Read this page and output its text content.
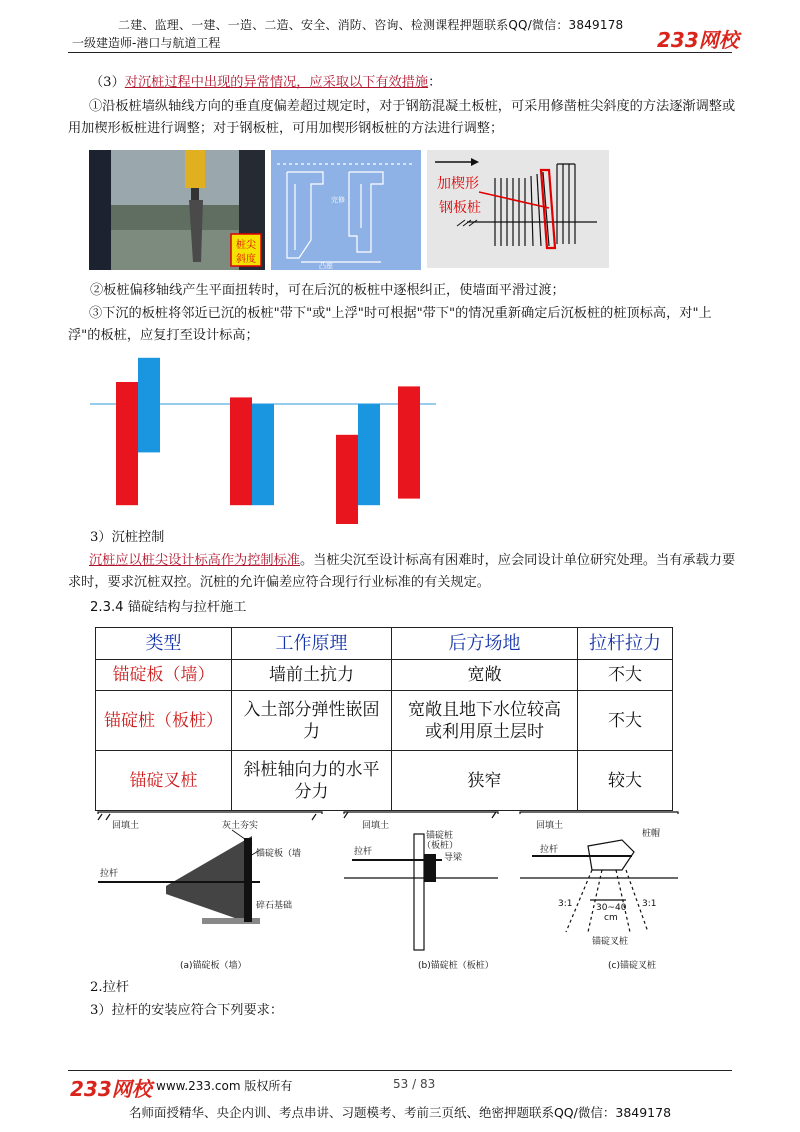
二建、监理、一建、一造、二造、安全、消防、咨询、检测课程押题联系QQ/微信：3849178
一级建造师-港口与航道工程	233网校
（3）对沉桩过程中出现的异常情况，应采取以下有效措施：
①沿板桩墙纵轴线方向的垂直度偏差超过规定时，对于钢筋混凝土板桩，可采用修凿桩尖斜度的方法逐渐调整或用加楔形板桩进行调整；对于钢板桩，可用加楔形钢板桩的方法进行调整；
桩尖
斜度
完修
凸座
加楔形
钢板桩
②板桩偏移轴线产生平面扭转时，可在后沉的板桩中逐根纠正，使墙面平滑过渡；
③下沉的板桩将邻近已沉的板桩"带下"或"上浮"时可根据"带下"的情况重新确定后沉板桩的桩顶标高，对"上浮"的板桩，应复打至设计标高；
3）沉桩控制
沉桩应以桩尖设计标高作为控制标准。当桩尖沉至设计标高有困难时，应会同设计单位研究处理。当有承载力要求时，要求沉桩双控。沉桩的允许偏差应符合现行行业标准的有关规定。
2.3.4 锚碇结构与拉杆施工
类型	工作原理	后方场地	拉杆拉力
锚碇板（墙）	墙前土抗力	宽敞	不大
锚碇桩（板桩）	入土部分弹性嵌固力	宽敞且地下水位较高或利用原土层时	不大
锚碇叉桩	斜桩轴向力的水平分力	狭窄	较大
回填土	灰土夯实
锚碇板（墙
拉杆
碎石基础
(a)锚碇板（墙）
回填土
锚碇桩
（板桩）
导梁
拉杆
(b)锚碇桩（板桩）
回填土
桩帽
拉杆
3:1	3:1
30~40
cm
锚碇叉桩
(c)锚碇叉桩
2.拉杆
3）拉杆的安装应符合下列要求：
233网校 www.233.com 版权所有	53 / 83
名师面授精华、央企内训、考点串讲、习题模考、考前三页纸、绝密押题联系QQ/微信：3849178
